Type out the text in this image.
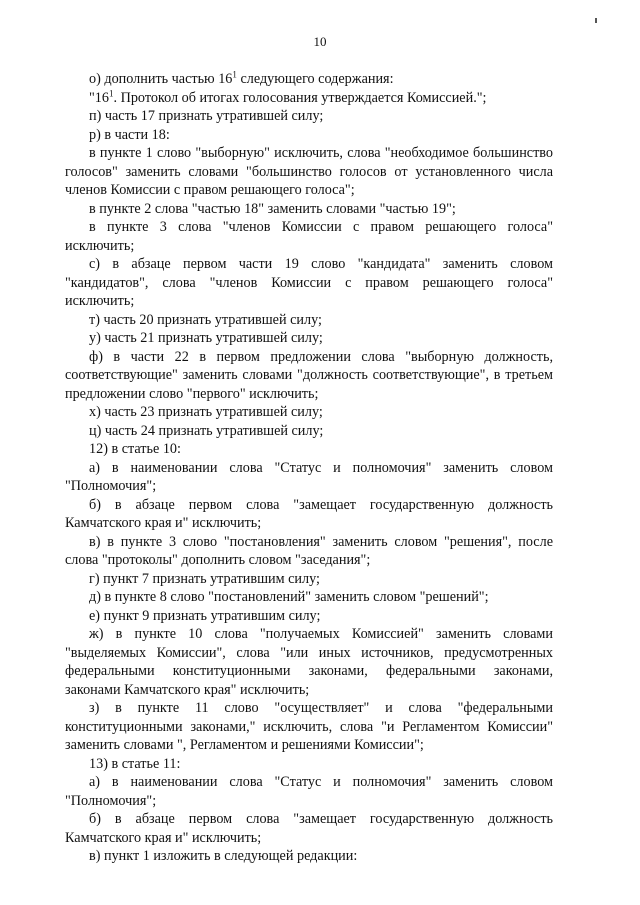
10

о) дополнить частью $16^1$ следующего содержания:

"$16^1$. Протокол об итогах голосования утверждается Комиссией.";

п) часть 17 признать утратившей силу;

р) в части 18:

в пункте 1 слово "выборную" исключить, слова "необходимое большинство голосов" заменить словами "большинство голосов от установленного числа членов Комиссии с правом решающего голоса";

в пункте 2 слова "частью 18" заменить словами "частью 19";

в пункте 3 слова "членов Комиссии с правом решающего голоса" исключить;

с) в абзаце первом части 19 слово "кандидата" заменить словом "кандидатов", слова "членов Комиссии с правом решающего голоса" исключить;

т) часть 20 признать утратившей силу;

у) часть 21 признать утратившей силу;

ф) в части 22 в первом предложении слова "выборную должность, соответствующие" заменить словами "должность соответствующие", в третьем предложении слово "первого" исключить;

х) часть 23 признать утратившей силу;

ц) часть 24 признать утратившей силу;

12) в статье 10:

а) в наименовании слова "Статус и полномочия" заменить словом "Полномочия";

б) в абзаце первом слова "замещает государственную должность Камчатского края и" исключить;

в) в пункте 3 слово "постановления" заменить словом "решения", после слова "протоколы" дополнить словом "заседания";

г) пункт 7 признать утратившим силу;

д) в пункте 8 слово "постановлений" заменить словом "решений";

е) пункт 9 признать утратившим силу;

ж) в пункте 10 слова "получаемых Комиссией" заменить словами "выделяемых Комиссии", слова "или иных источников, предусмотренных федеральными конституционными законами, федеральными законами, законами Камчатского края" исключить;

з) в пункте 11 слово "осуществляет" и слова "федеральными конституционными законами," исключить, слова "и Регламентом Комиссии" заменить словами ", Регламентом и решениями Комиссии";

13) в статье 11:

а) в наименовании слова "Статус и полномочия" заменить словом "Полномочия";

б) в абзаце первом слова "замещает государственную должность Камчатского края и" исключить;

в) пункт 1 изложить в следующей редакции:
